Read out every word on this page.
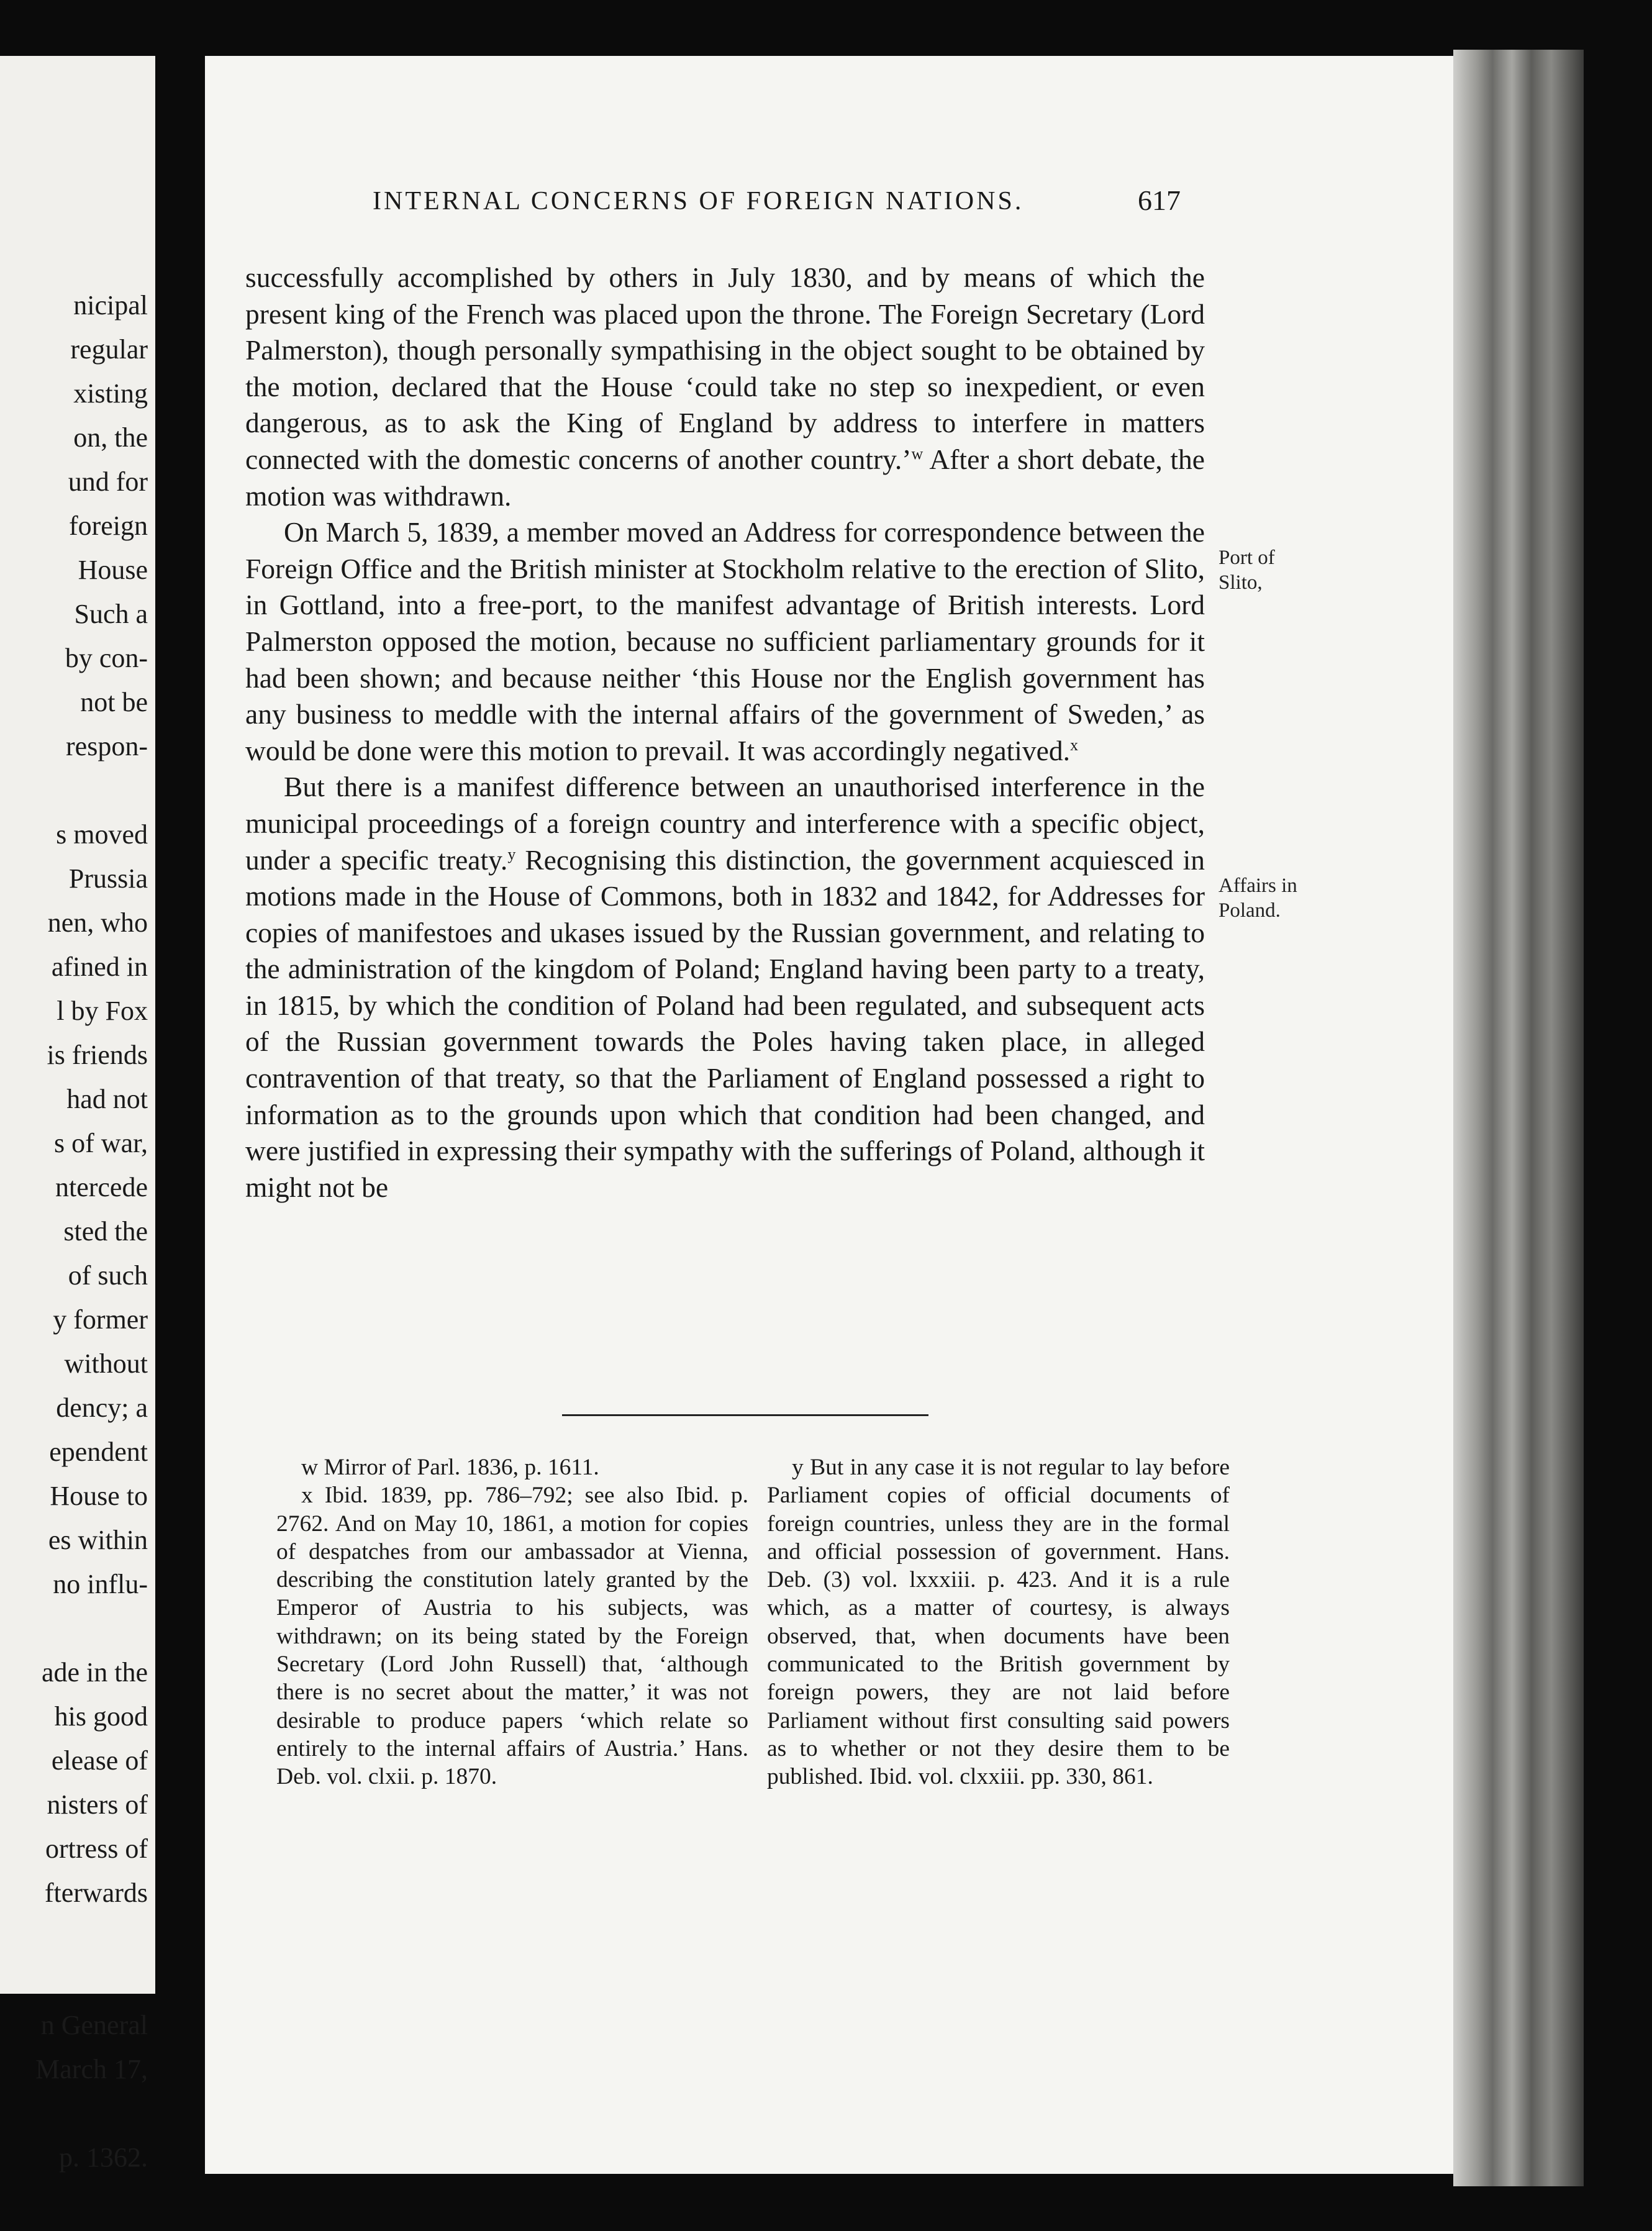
nicipal
regular
xisting
on, the
und for
foreign
House
Such a
by con-
not be
respon-
s moved
Prussia
nen, who
afined in
l by Fox
is friends
had not
s of war,
ntercede
sted the
of such
y former
without
dency; a
ependent
House to
es within
no influ-
ade in the
his good
elease of
nisters of
ortress of
fterwards
n General
March 17,
p. 1362.
INTERNAL CONCERNS OF FOREIGN NATIONS.	617

successfully accomplished by others in July 1830, and by means of which the present king of the French was placed upon the throne. The Foreign Secretary (Lord Palmerston), though personally sympathising in the object sought to be obtained by the motion, declared that the House ‘could take no step so inexpedient, or even dangerous, as to ask the King of England by address to interfere in matters connected with the domestic concerns of another country.’$^w$ After a short debate, the motion was withdrawn.

On March 5, 1839, a member moved an Address for correspondence between the Foreign Office and the British minister at Stockholm relative to the erection of Slito, in Gottland, into a free-port, to the manifest advantage of British interests. Lord Palmerston opposed the motion, because no sufficient parliamentary grounds for it had been shown; and because neither ‘this House nor the English government has any business to meddle with the internal affairs of the government of Sweden,’ as would be done were this motion to prevail. It was accordingly negatived.$^x$

But there is a manifest difference between an unauthorised interference in the municipal proceedings of a foreign country and interference with a specific object, under a specific treaty.$^y$ Recognising this distinction, the government acquiesced in motions made in the House of Commons, both in 1832 and 1842, for Addresses for copies of manifestoes and ukases issued by the Russian government, and relating to the administration of the kingdom of Poland; England having been party to a treaty, in 1815, by which the condition of Poland had been regulated, and subsequent acts of the Russian government towards the Poles having taken place, in alleged contravention of that treaty, so that the Parliament of England possessed a right to information as to the grounds upon which that condition had been changed, and were justified in expressing their sympathy with the sufferings of Poland, although it might not be

Port of
Slito,
Affairs in
Poland.

w Mirror of Parl. 1836, p. 1611.

x Ibid. 1839, pp. 786–792; see also Ibid. p. 2762. And on May 10, 1861, a motion for copies of despatches from our ambassador at Vienna, describing the constitution lately granted by the Emperor of Austria to his subjects, was withdrawn; on its being stated by the Foreign Secretary (Lord John Russell) that, ‘although there is no secret about the matter,’ it was not desirable to produce papers ‘which relate so entirely to the internal affairs of Austria.’ Hans. Deb. vol. clxii. p. 1870.

y But in any case it is not regular to lay before Parliament copies of official documents of foreign countries, unless they are in the formal and official possession of government. Hans. Deb. (3) vol. lxxxiii. p. 423. And it is a rule which, as a matter of courtesy, is always observed, that, when documents have been communicated to the British government by foreign powers, they are not laid before Parliament without first consulting said powers as to whether or not they desire them to be published. Ibid. vol. clxxiii. pp. 330, 861.
